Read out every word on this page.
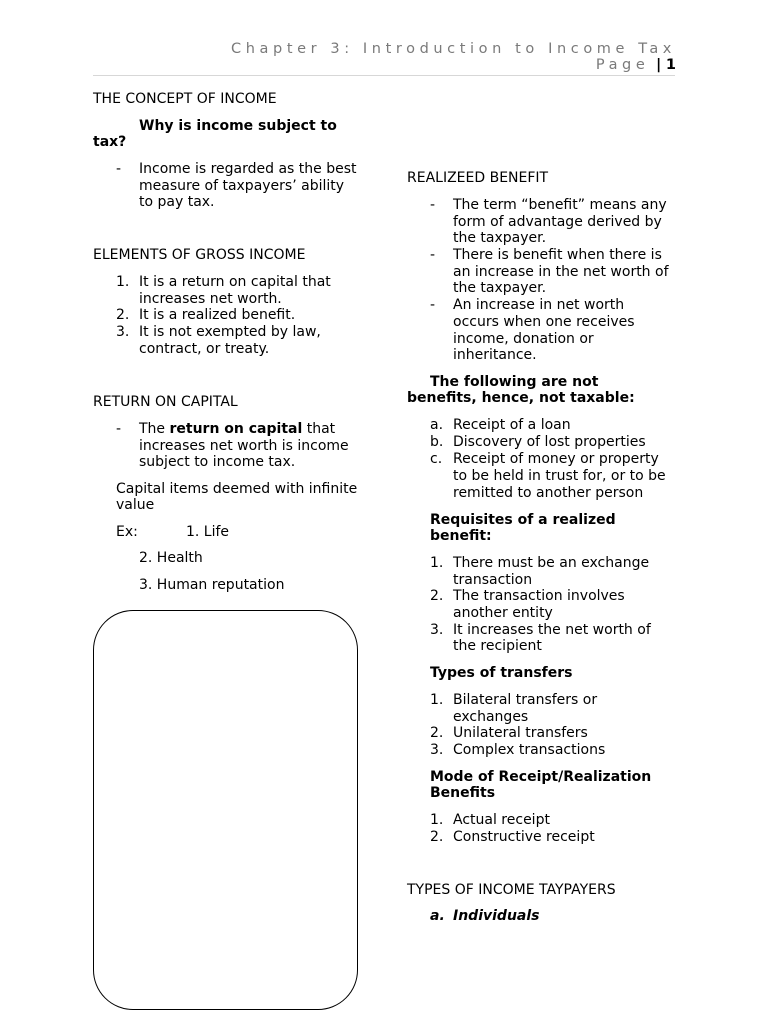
Chapter 3: Introduction to Income Tax
Page | 1
THE CONCEPT OF INCOME
Why is income subject to
tax?
- Income is regarded as the best
measure of taxpayers’ ability
to pay tax.
ELEMENTS OF GROSS INCOME
1. It is a return on capital that
increases net worth.
2. It is a realized benefit.
3. It is not exempted by law,
contract, or treaty.
RETURN ON CAPITAL
- The return on capital that
increases net worth is income
subject to income tax.
Capital items deemed with infinite
value
Ex:	1. Life
2. Health
3. Human reputation
REALIZEED BENEFIT
- The term “benefit” means any
form of advantage derived by
the taxpayer.
- There is benefit when there is
an increase in the net worth of
the taxpayer.
- An increase in net worth
occurs when one receives
income, donation or
inheritance.
The following are not
benefits, hence, not taxable:
a. Receipt of a loan
b. Discovery of lost properties
c. Receipt of money or property
to be held in trust for, or to be
remitted to another person
Requisites of a realized
benefit:
1. There must be an exchange
transaction
2. The transaction involves
another entity
3. It increases the net worth of
the recipient
Types of transfers
1. Bilateral transfers or
exchanges
2. Unilateral transfers
3. Complex transactions
Mode of Receipt/Realization
Benefits
1. Actual receipt
2. Constructive receipt
TYPES OF INCOME TAYPAYERS
a. Individuals
